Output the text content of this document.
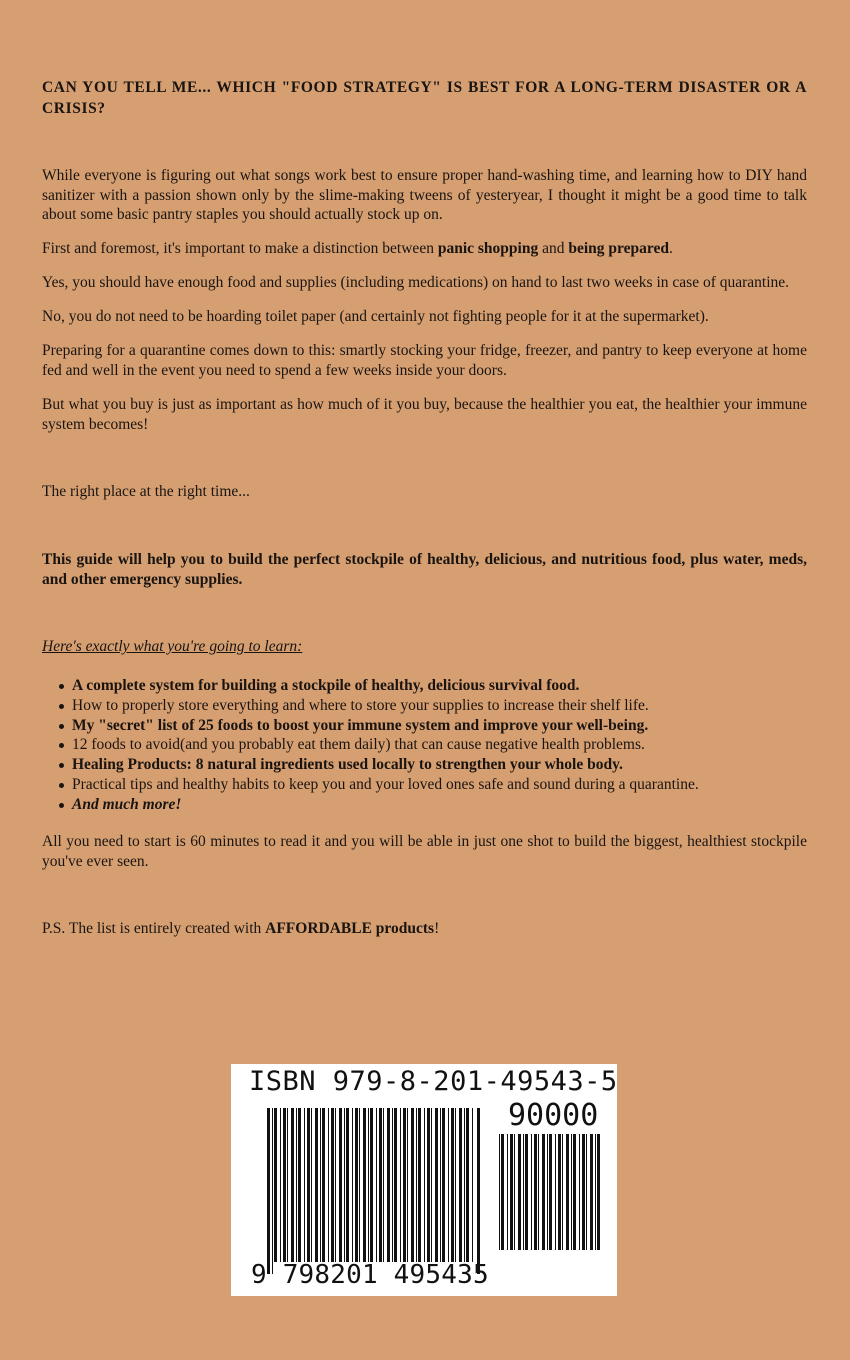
CAN YOU TELL ME... WHICH "FOOD STRATEGY" IS BEST FOR A LONG-TERM DISASTER OR A CRISIS?

While everyone is figuring out what songs work best to ensure proper hand-washing time, and learning how to DIY hand sanitizer with a passion shown only by the slime-making tweens of yesteryear, I thought it might be a good time to talk about some basic pantry staples you should actually stock up on.

First and foremost, it's important to make a distinction between panic shopping and being prepared.

Yes, you should have enough food and supplies (including medications) on hand to last two weeks in case of quarantine.

No, you do not need to be hoarding toilet paper (and certainly not fighting people for it at the supermarket).

Preparing for a quarantine comes down to this: smartly stocking your fridge, freezer, and pantry to keep everyone at home fed and well in the event you need to spend a few weeks inside your doors.

But what you buy is just as important as how much of it you buy, because the healthier you eat, the healthier your immune system becomes!

The right place at the right time...

This guide will help you to build the perfect stockpile of healthy, delicious, and nutritious food, plus water, meds, and other emergency supplies.

Here's exactly what you're going to learn:

A complete system for building a stockpile of healthy, delicious survival food.
How to properly store everything and where to store your supplies to increase their shelf life.
My "secret" list of 25 foods to boost your immune system and improve your well-being.
12 foods to avoid(and you probably eat them daily) that can cause negative health problems.
Healing Products: 8 natural ingredients used locally to strengthen your whole body.
Practical tips and healthy habits to keep you and your loved ones safe and sound during a quarantine.
And much more!

All you need to start is 60 minutes to read it and you will be able in just one shot to build the biggest, healthiest stockpile you've ever seen.

P.S. The list is entirely created with AFFORDABLE products!

ISBN 979-8-201-49543-5
90000
9 798201 495435
